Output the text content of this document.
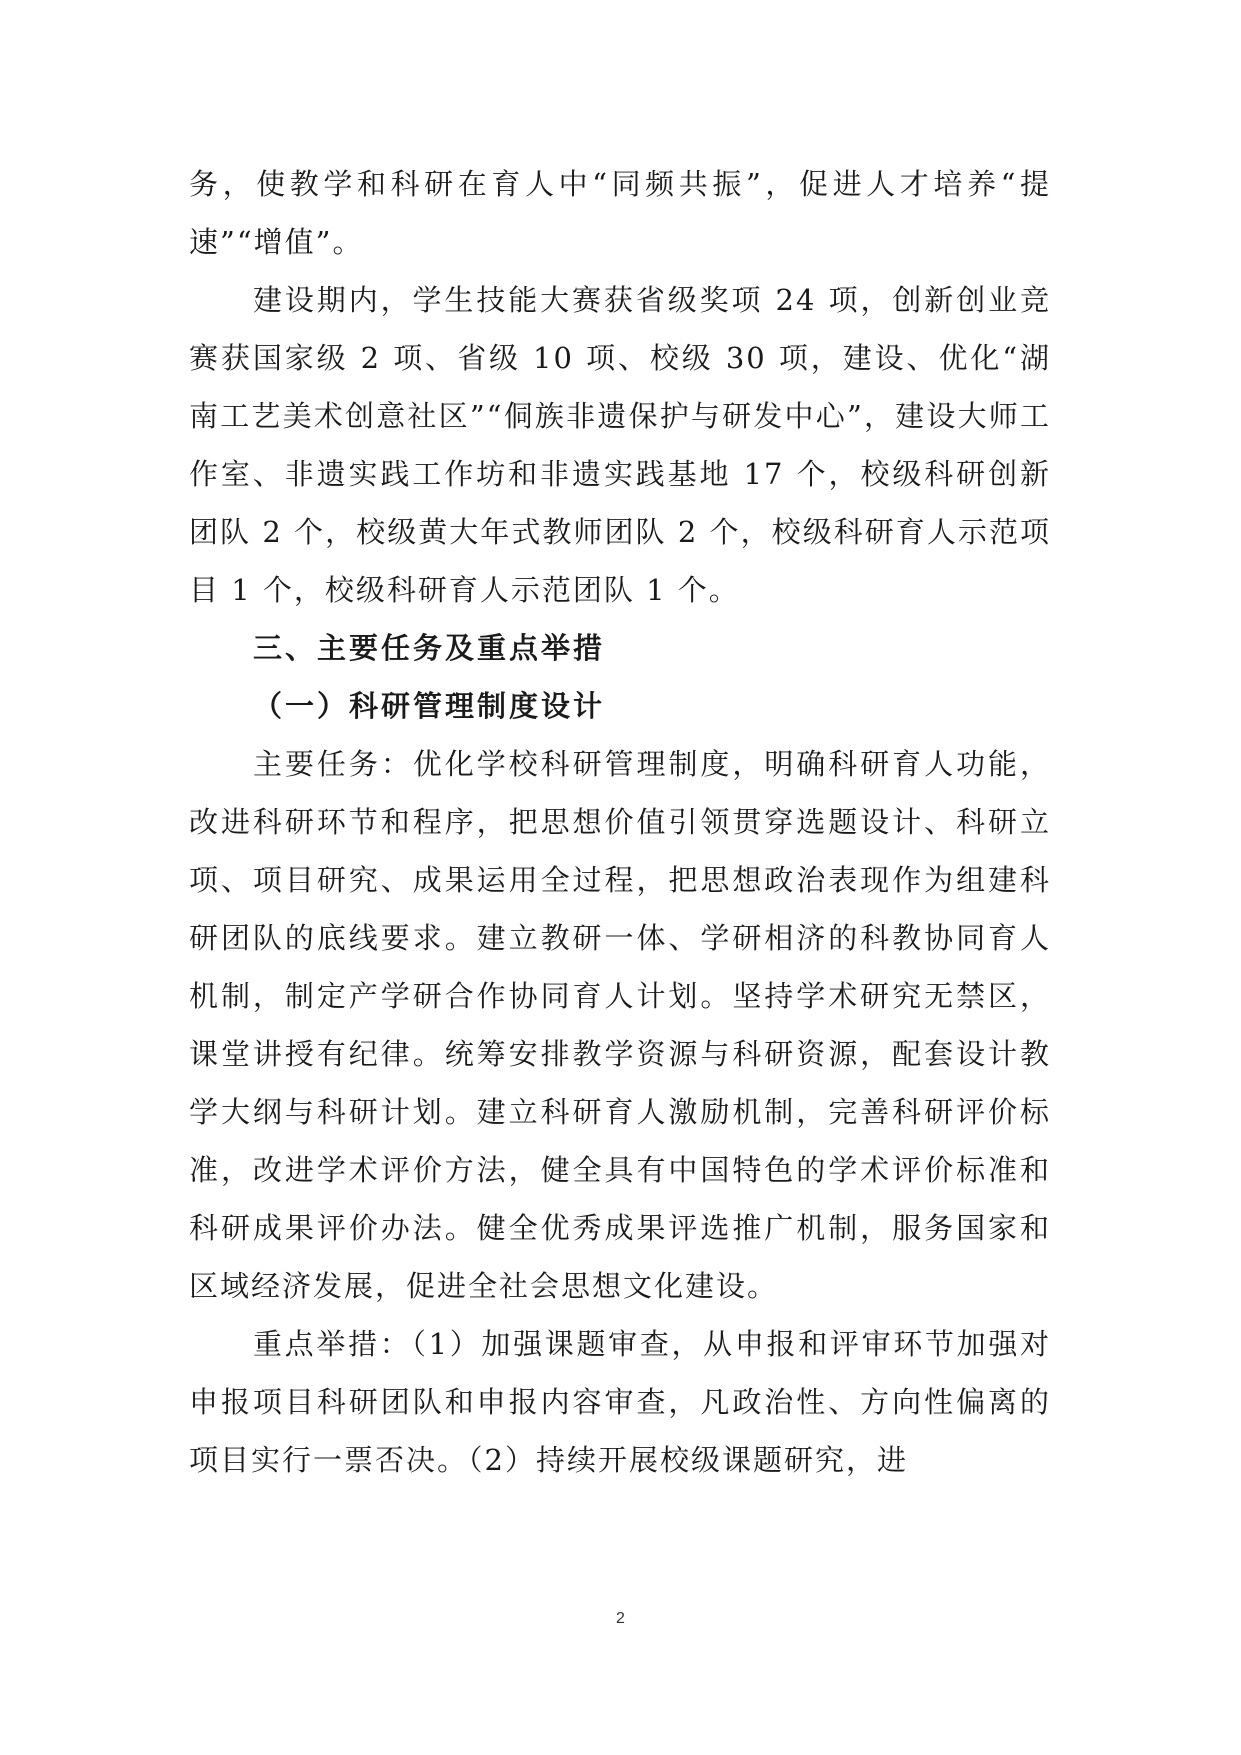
务，使教学和科研在育人中“同频共振”，促进人才培养“提速”“增值”。

建设期内，学生技能大赛获省级奖项 24 项，创新创业竞赛获国家级 2 项、省级 10 项、校级 30 项，建设、优化“湖南工艺美术创意社区”“侗族非遗保护与研发中心”，建设大师工作室、非遗实践工作坊和非遗实践基地 17 个，校级科研创新团队 2 个，校级黄大年式教师团队 2 个，校级科研育人示范项目 1 个，校级科研育人示范团队 1 个。

三、主要任务及重点举措

（一）科研管理制度设计

主要任务：优化学校科研管理制度，明确科研育人功能，改进科研环节和程序，把思想价值引领贯穿选题设计、科研立项、项目研究、成果运用全过程，把思想政治表现作为组建科研团队的底线要求。建立教研一体、学研相济的科教协同育人机制，制定产学研合作协同育人计划。坚持学术研究无禁区，课堂讲授有纪律。统筹安排教学资源与科研资源，配套设计教学大纲与科研计划。建立科研育人激励机制，完善科研评价标准，改进学术评价方法，健全具有中国特色的学术评价标准和科研成果评价办法。健全优秀成果评选推广机制，服务国家和区域经济发展，促进全社会思想文化建设。

重点举措：（1）加强课题审查，从申报和评审环节加强对申报项目科研团队和申报内容审查，凡政治性、方向性偏离的项目实行一票否决。（2）持续开展校级课题研究，进

2
